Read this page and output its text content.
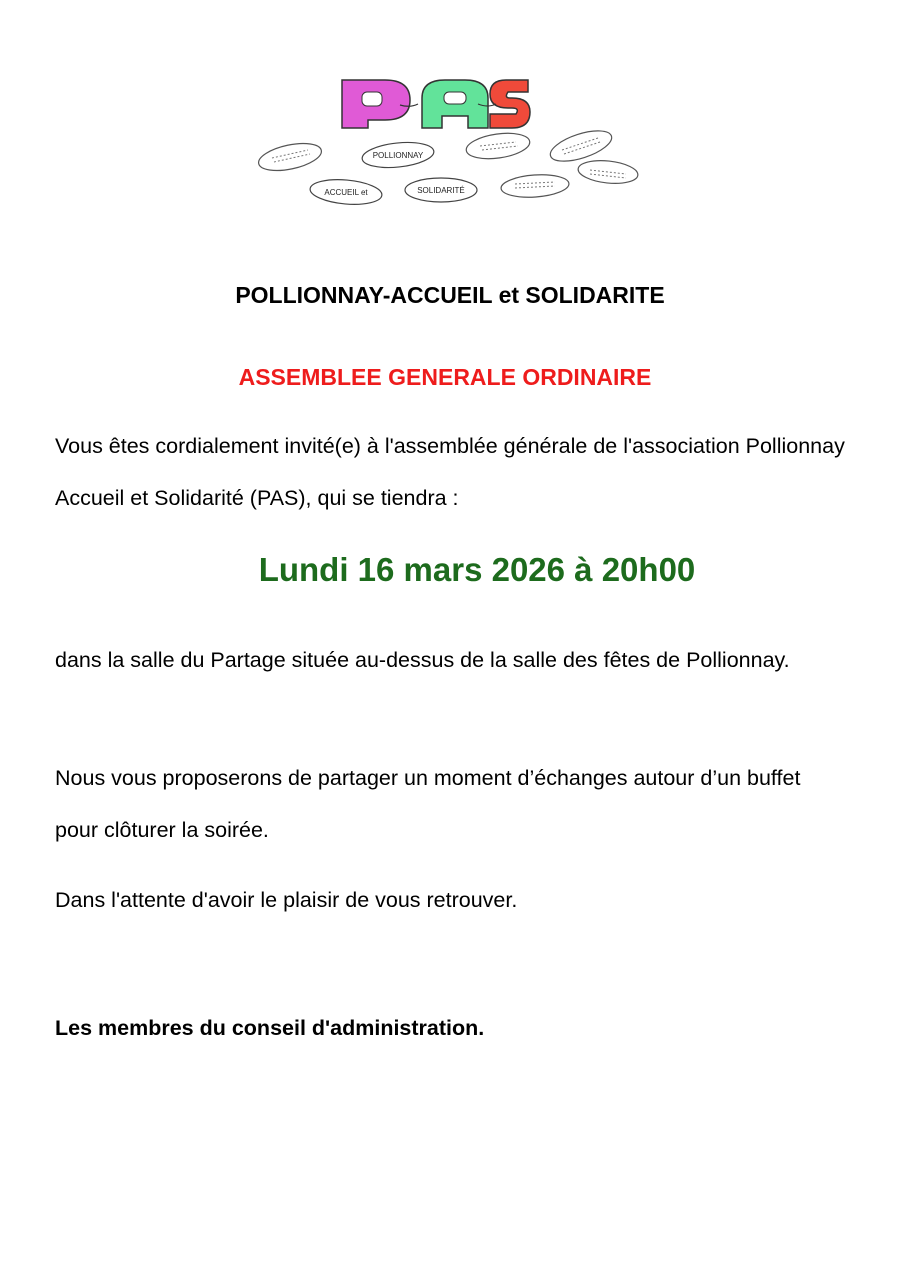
POLLIONNAY
ACCUEIL et	SOLIDARITÉ
POLLIONNAY-ACCUEIL et SOLIDARITE
ASSEMBLEE GENERALE ORDINAIRE

Vous êtes cordialement invité(e) à l'assemblée générale de l'association Pollionnay Accueil et Solidarité (PAS), qui se tiendra :

Lundi 16 mars 2026 à 20h00

dans la salle du Partage située au-dessus de la salle des fêtes de Pollionnay.

Nous vous proposerons de partager un moment d’échanges autour d’un buffet pour clôturer la soirée.

Dans l'attente d'avoir le plaisir de vous retrouver.

Les membres du conseil d'administration.
